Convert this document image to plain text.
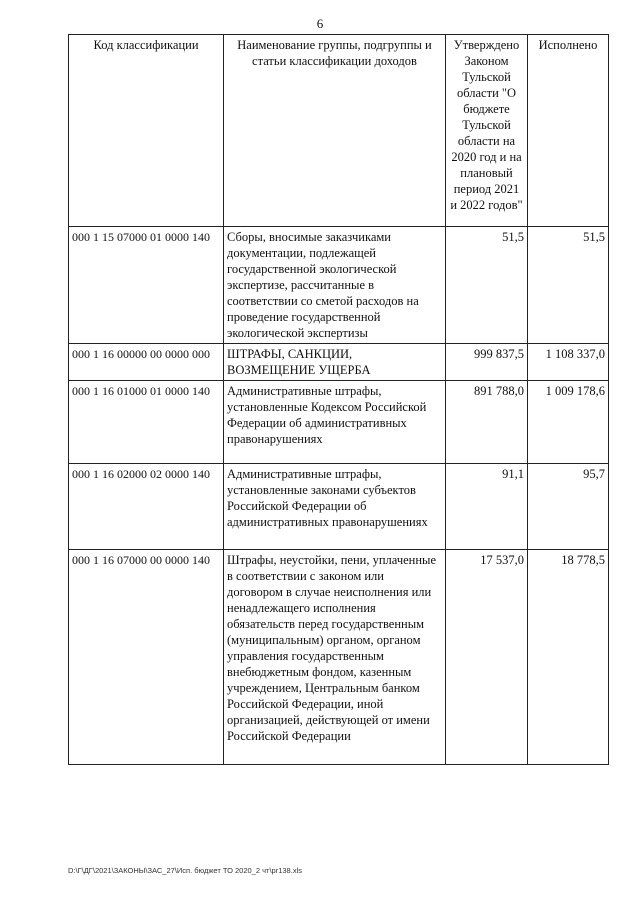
6
Код классификации	Наименование группы, подгруппы и статьи классификации доходов	Утверждено Законом Тульской области "О бюджете Тульской области на 2020 год и на плановый период 2021 и 2022 годов"	Исполнено
000 1 15 07000 01 0000 140	Сборы, вносимые заказчиками документации, подлежащей государственной экологической экспертизе, рассчитанные в соответствии со сметой расходов на проведение государственной экологической экспертизы	51,5	51,5
000 1 16 00000 00 0000 000	ШТРАФЫ, САНКЦИИ, ВОЗМЕЩЕНИЕ УЩЕРБА	999 837,5	1 108 337,0
000 1 16 01000 01 0000 140	Административные штрафы, установленные Кодексом Российской Федерации об административных правонарушениях	891 788,0	1 009 178,6
000 1 16 02000 02 0000 140	Административные штрафы, установленные законами субъектов Российской Федерации об административных правонарушениях	91,1	95,7
000 1 16 07000 00 0000 140	Штрафы, неустойки, пени, уплаченные в соответствии с законом или договором в случае неисполнения или ненадлежащего исполнения обязательств перед государственным (муниципальным) органом, органом управления государственным внебюджетным фондом, казенным учреждением, Центральным банком Российской Федерации, иной организацией, действующей от имени Российской Федерации	17 537,0	18 778,5
D:\Г\ДГ\2021\ЗАКОНЫ\ЗАС_27\Исп. бюджет ТО 2020_2 чт\pr138.xls
